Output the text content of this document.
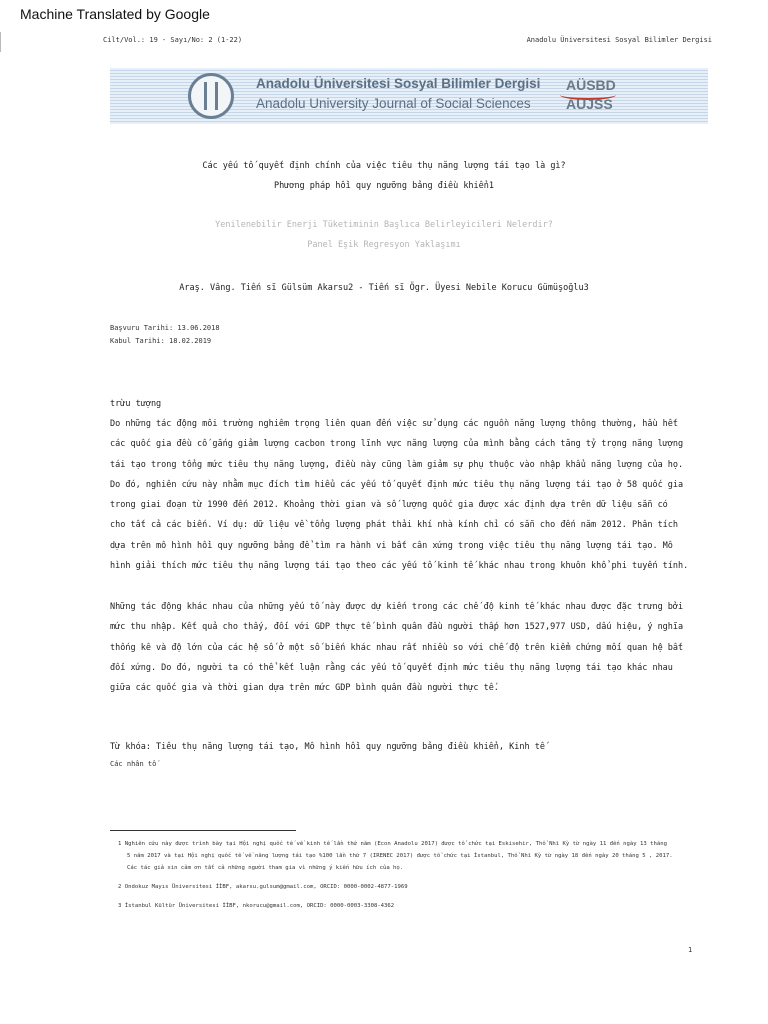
Machine Translated by Google
Cilt/Vol.: 19 - Sayı/No: 2 (1-22)	Anadolu Üniversitesi Sosyal Bilimler Dergisi
Anadolu Üniversitesi Sosyal Bilimler Dergisi
Anadolu University Journal of Social Sciences
AÜSBD
AUJSS
Các yếu tố quyết định chính của việc tiêu thụ năng lượng tái tạo là gì?
Phương pháp hồi quy ngưỡng bảng điều khiển1
Yenilenebilir Enerji Tüketiminin Başlıca Belirleyicileri Nelerdir?
Panel Eşik Regresyon Yaklaşımı
Araş. Vâng. Tiến sĩ Gülsüm Akarsu2 - Tiến sĩ Ögr. Üyesi Nebile Korucu Gümüşoğlu3
Başvuru Tarihi: 13.06.2018
Kabul Tarihi: 18.02.2019
trừu tượng
Do những tác động môi trường nghiêm trọng liên quan đến việc sử dụng các nguồn năng lượng thông thường, hầu hết
các quốc gia đều cố gắng giảm lượng cacbon trong lĩnh vực năng lượng của mình bằng cách tăng tỷ trọng năng lượng
tái tạo trong tổng mức tiêu thụ năng lượng, điều này cũng làm giảm sự phụ thuộc vào nhập khẩu năng lượng của họ.
Do đó, nghiên cứu này nhằm mục đích tìm hiểu các yếu tố quyết định mức tiêu thụ năng lượng tái tạo ở 58 quốc gia
trong giai đoạn từ 1990 đến 2012. Khoảng thời gian và số lượng quốc gia được xác định dựa trên dữ liệu sẵn có
cho tất cả các biến. Ví dụ: dữ liệu về tổng lượng phát thải khí nhà kính chỉ có sẵn cho đến năm 2012. Phân tích
dựa trên mô hình hồi quy ngưỡng bảng để tìm ra hành vi bất cân xứng trong việc tiêu thụ năng lượng tái tạo. Mô
hình giải thích mức tiêu thụ năng lượng tái tạo theo các yếu tố kinh tế khác nhau trong khuôn khổ phi tuyến tính.
Những tác động khác nhau của những yếu tố này được dự kiến trong các chế độ kinh tế khác nhau được đặc trưng bởi
mức thu nhập. Kết quả cho thấy, đối với GDP thực tế bình quân đầu người thấp hơn 1527,977 USD, dấu hiệu, ý nghĩa
thống kê và độ lớn của các hệ số ở một số biến khác nhau rất nhiều so với chế độ trên kiểm chứng mối quan hệ bất
đối xứng. Do đó, người ta có thể kết luận rằng các yếu tố quyết định mức tiêu thụ năng lượng tái tạo khác nhau
giữa các quốc gia và thời gian dựa trên mức GDP bình quân đầu người thực tế.
Từ khóa: Tiêu thụ năng lượng tái tạo, Mô hình hồi quy ngưỡng bảng điều khiển, Kinh tế
Các nhân tố
1 Nghiên cứu này được trình bày tại Hội nghị quốc tế về kinh tế lần thứ năm (Econ Anadolu 2017) được tổ chức tại Eskisehir, Thổ Nhĩ Kỳ từ ngày 11 đến ngày 13 tháng
5 năm 2017 và tại Hội nghị quốc tế về năng lượng tái tạo %100 lần thứ 7 (IRENEC 2017) được tổ chức tại İstanbul, Thổ Nhĩ Kỳ từ ngày 18 đến ngày 20 tháng 5 , 2017.
Các tác giả xin cảm ơn tất cả những người tham gia vì những ý kiến hữu ích của họ.
2 Ondokuz Mayıs Üniversitesi İİBF, akarsu.gulsum@gmail.com, ORCID: 0000-0002-4877-1969
3 İstanbul Kültür Üniversitesi İİBF, nkorucu@gmail.com, ORCID: 0000-0003-3308-4362
1
